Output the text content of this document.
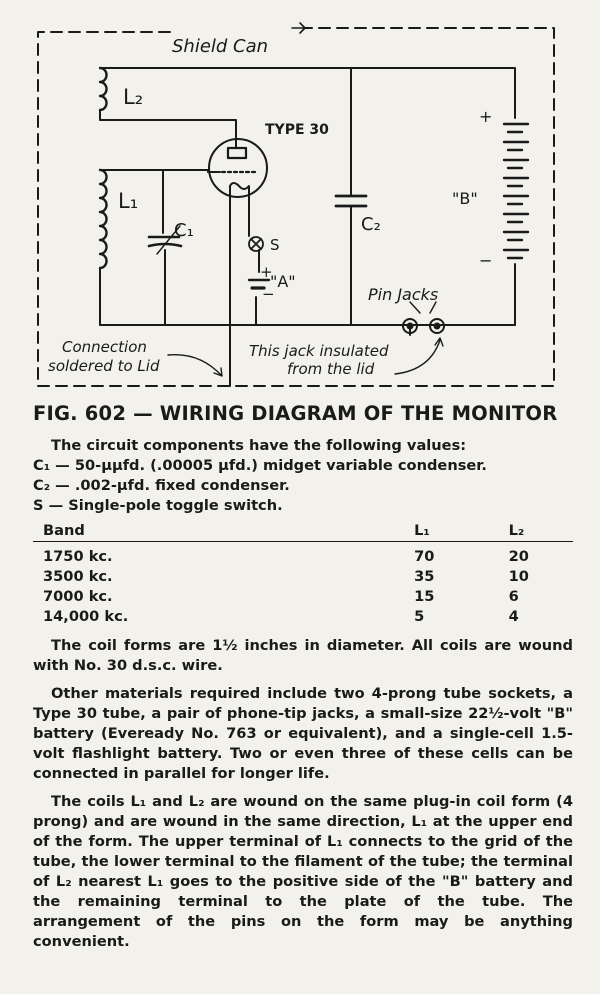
Shield Can
L₂
L₁
C₁	C₂
TYPE 30
S
+
"A"
−
+
"B"
−
Pin Jacks
Connection
soldered to Lid
This jack insulated
from the lid
FIG. 602 — WIRING DIAGRAM OF THE MONITOR

The circuit components have the following values:

C₁ — 50-μμfd. (.00005 μfd.) midget variable condenser.

C₂ — .002-μfd. fixed condenser.

S — Single-pole toggle switch.

Band	L₁	L₂
1750 kc.	70	20
3500 kc.	35	10
7000 kc.	15	6
14,000 kc.	5	4

The coil forms are 1½ inches in diameter. All coils are wound with No. 30 d.s.c. wire.

Other materials required include two 4-prong tube sockets, a Type 30 tube, a pair of phone-tip jacks, a small-size 22½-volt "B" battery (Eveready No. 763 or equivalent), and a single-cell 1.5-volt flashlight battery. Two or even three of these cells can be connected in parallel for longer life.

The coils L₁ and L₂ are wound on the same plug-in coil form (4 prong) and are wound in the same direction, L₁ at the upper end of the form. The upper terminal of L₁ connects to the grid of the tube, the lower terminal to the filament of the tube; the terminal of L₂ nearest L₁ goes to the positive side of the "B" battery and the remaining terminal to the plate of the tube. The arrangement of the pins on the form may be anything convenient.
